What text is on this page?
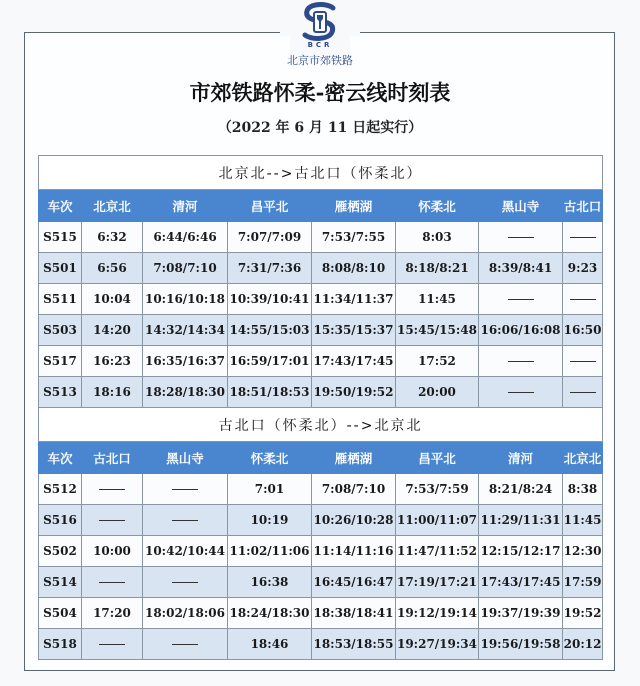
BCR
北京市郊铁路
市郊铁路怀柔-密云线时刻表
（2022 年 6 月 11 日起实行）
北京北-->古北口（怀柔北）							
车次	北京北	清河	昌平北	雁栖湖	怀柔北	黑山寺	古北口
S515	6:32	6:44/6:46	7:07/7:09	7:53/7:55	8:03		
S501	6:56	7:08/7:10	7:31/7:36	8:08/8:10	8:18/8:21	8:39/8:41	9:23
S511	10:04	10:16/10:18	10:39/10:41	11:34/11:37	11:45		
S503	14:20	14:32/14:34	14:55/15:03	15:35/15:37	15:45/15:48	16:06/16:08	16:50
S517	16:23	16:35/16:37	16:59/17:01	17:43/17:45	17:52		
S513	18:16	18:28/18:30	18:51/18:53	19:50/19:52	20:00		
古北口（怀柔北）-->北京北							
车次	古北口	黑山寺	怀柔北	雁栖湖	昌平北	清河	北京北
S512			7:01	7:08/7:10	7:53/7:59	8:21/8:24	8:38
S516			10:19	10:26/10:28	11:00/11:07	11:29/11:31	11:45
S502	10:00	10:42/10:44	11:02/11:06	11:14/11:16	11:47/11:52	12:15/12:17	12:30
S514			16:38	16:45/16:47	17:19/17:21	17:43/17:45	17:59
S504	17:20	18:02/18:06	18:24/18:30	18:38/18:41	19:12/19:14	19:37/19:39	19:52
S518			18:46	18:53/18:55	19:27/19:34	19:56/19:58	20:12
